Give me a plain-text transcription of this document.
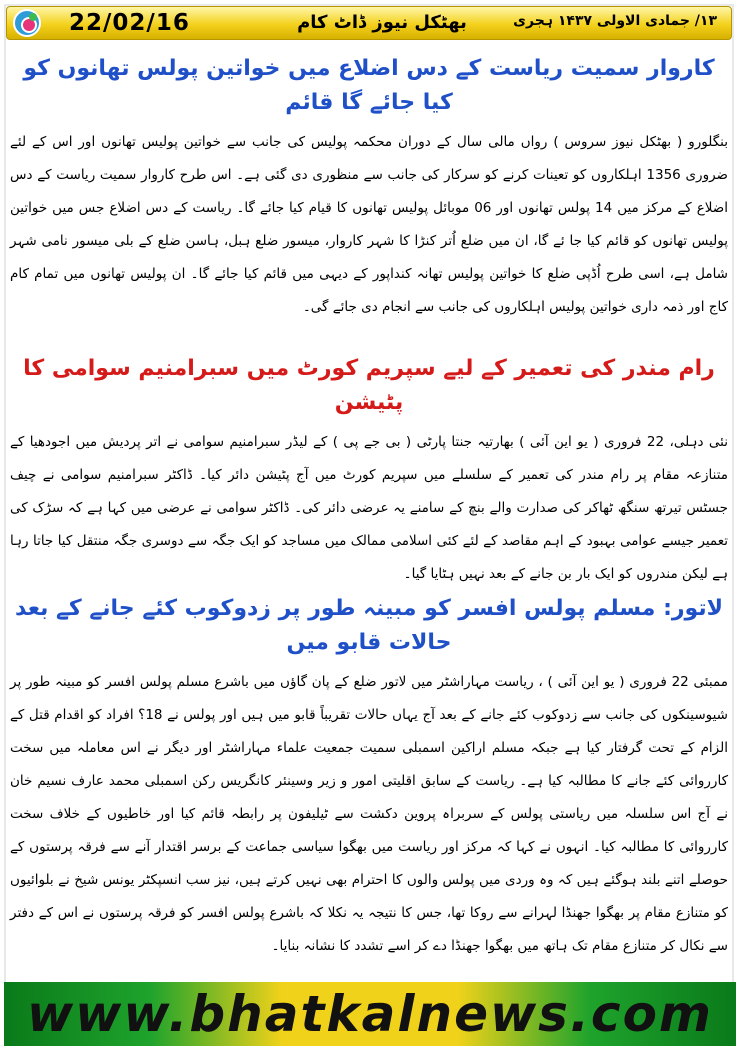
22/02/16	بھٹکل نیوز ڈاٹ کام	۱۳/ جمادی الاولی ۱۴۳۷ ہجری
کاروار سمیت ریاست کے دس اضلاع میں خواتین پولس تھانوں کو کیا جائے گا قائم

بنگلورو ( بھٹکل نیوز سروس ) رواں مالی سال کے دوران محکمہ پولیس کی جانب سے خواتین پولیس تھانوں اور اس کے لئے ضروری 1356 اہلکاروں کو تعینات کرنے کو سرکار کی جانب سے منظوری دی گئی ہے۔ اس طرح کاروار سمیت ریاست کے دس اضلاع کے مرکز میں 14 پولس تھانوں اور 06 موبائل پولیس تھانوں کا قیام کیا جائے گا۔ ریاست کے دس اضلاع جس میں خواتین پولیس تھانوں کو قائم کیا جا ئے گا، ان میں ضلع اُتر کنڑا کا شہر کاروار، میسور ضلع ہبل، ہاسن ضلع کے بلی میسور نامی شہر شامل ہے، اسی طرح اُڈپی ضلع کا خواتین پولیس تھانہ کنداپور کے دیہی میں قائم کیا جائے گا۔ ان پولیس تھانوں میں تمام کام کاج اور ذمہ داری خواتین پولیس اہلکاروں کی جانب سے انجام دی جائے گی۔

رام مندر کی تعمیر کے لیے سپریم کورٹ میں سبرامنیم سوامی کا پٹیشن

نئی دہلی، 22 فروری ( یو این آئی ) بھارتیہ جنتا پارٹی ( بی جے پی ) کے لیڈر سبرامنیم سوامی نے اتر پردیش میں اجودھیا کے متنازعہ مقام پر رام مندر کی تعمیر کے سلسلے میں سپریم کورٹ میں آج پٹیشن دائر کیا۔ ڈاکٹر سبرامنیم سوامی نے چیف جسٹس تیرتھ سنگھ ٹھاکر کی صدارت والے بنچ کے سامنے یہ عرضی دائر کی۔ ڈاکٹر سوامی نے عرضی میں کہا ہے کہ سڑک کی تعمیر جیسے عوامی بہبود کے اہم مقاصد کے لئے کئی اسلامی ممالک میں مساجد کو ایک جگہ سے دوسری جگہ منتقل کیا جاتا رہا ہے لیکن مندروں کو ایک بار بن جانے کے بعد نہیں ہٹایا گیا۔

لاتور: مسلم پولس افسر کو مبینہ طور پر زدوکوب کئے جانے کے بعد حالات قابو میں

ممبئی 22 فروری ( یو این آئی ) ، ریاست مہاراشٹر میں لاتور ضلع کے پان گاؤں میں باشرع مسلم پولس افسر کو مبینہ طور پر شیوسینکوں کی جانب سے زدوکوب کئے جانے کے بعد آج یہاں حالات تقریباً قابو میں ہیں اور پولس نے 18؟ افراد کو اقدام قتل کے الزام کے تحت گرفتار کیا ہے جبکہ مسلم اراکین اسمبلی سمیت جمعیت علماء مہاراشٹر اور دیگر نے اس معاملہ میں سخت کارروائی کئے جانے کا مطالبہ کیا ہے۔ ریاست کے سابق اقلیتی امور و زیر وسینئر کانگریس رکن اسمبلی محمد عارف نسیم خان نے آج اس سلسلہ میں ریاستی پولس کے سربراہ پروین دکشت سے ٹیلیفون پر رابطہ قائم کیا اور خاطیوں کے خلاف سخت کارروائی کا مطالبہ کیا۔ انہوں نے کہا کہ مرکز اور ریاست میں بھگوا سیاسی جماعت کے برسر اقتدار آنے سے فرقہ پرستوں کے حوصلے اتنے بلند ہوگئے ہیں کہ وہ وردی میں پولس والوں کا احترام بھی نہیں کرتے ہیں، نیز سب انسپکٹر یونس شیخ نے بلوائیوں کو متنازع مقام پر بھگوا جھنڈا لہرانے سے روکا تھا، جس کا نتیجہ یہ نکلا کہ باشرع پولس افسر کو فرقہ پرستوں نے اس کے دفتر سے نکال کر متنازع مقام تک ہاتھ میں بھگوا جھنڈا دے کر اسے تشدد کا نشانہ بنایا۔

www.bhatkalnews.com
